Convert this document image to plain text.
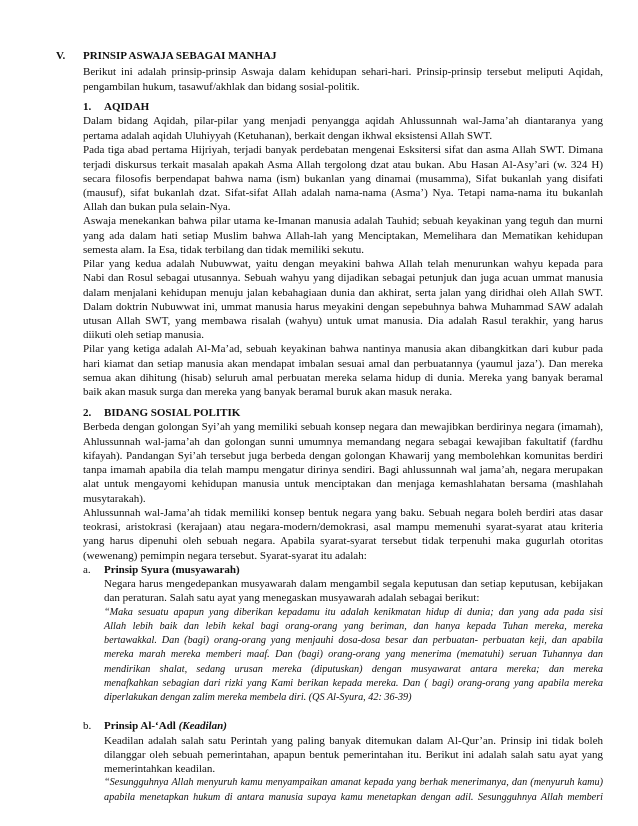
V. PRINSIP ASWAJA SEBAGAI MANHAJ
Berikut ini adalah prinsip-prinsip Aswaja dalam kehidupan sehari-hari. Prinsip-prinsip tersebut meliputi Aqidah,
pengambilan hukum, tasawuf/akhlak dan bidang sosial-politik.
1. AQIDAH
Dalam bidang Aqidah, pilar-pilar yang menjadi penyangga aqidah Ahlussunnah wal-Jama’ah diantaranya yang
pertama adalah aqidah Uluhiyyah (Ketuhanan), berkait dengan ikhwal eksistensi Allah SWT.
Pada tiga abad pertama Hijriyah, terjadi banyak perdebatan mengenai Esksitersi sifat dan asma Allah SWT. Dimana
terjadi diskursus terkait masalah apakah Asma Allah tergolong dzat atau bukan. Abu Hasan Al-Asy’ari (w. 324 H)
secara filosofis berpendapat bahwa nama (ism) bukanlan yang dinamai (musamma), Sifat bukanlah yang disifati
(mausuf), sifat bukanlah dzat. Sifat-sifat Allah adalah nama-nama (Asma’) Nya. Tetapi nama-nama itu bukanlah
Allah dan bukan pula selain-Nya.
Aswaja menekankan bahwa pilar utama ke-Imanan manusia adalah Tauhid; sebuah keyakinan yang teguh dan murni
yang ada dalam hati setiap Muslim bahwa Allah-lah yang Menciptakan, Memelihara dan Mematikan kehidupan
semesta alam. Ia Esa, tidak terbilang dan tidak memiliki sekutu.
Pilar yang kedua adalah Nubuwwat, yaitu dengan meyakini bahwa Allah telah menurunkan wahyu kepada para
Nabi dan Rosul sebagai utusannya. Sebuah wahyu yang dijadikan sebagai petunjuk dan juga acuan ummat manusia
dalam menjalani kehidupan menuju jalan kebahagiaan dunia dan akhirat, serta jalan yang diridhai oleh Allah SWT.
Dalam doktrin Nubuwwat ini, ummat manusia harus meyakini dengan sepebuhnya bahwa Muhammad SAW adalah
utusan Allah SWT, yang membawa risalah (wahyu) untuk umat manusia. Dia adalah Rasul terakhir, yang harus
diikuti oleh setiap manusia.
Pilar yang ketiga adalah Al-Ma’ad, sebuah keyakinan bahwa nantinya manusia akan dibangkitkan dari kubur pada
hari kiamat dan setiap manusia akan mendapat imbalan sesuai amal dan perbuatannya (yaumul jaza’). Dan mereka
semua akan dihitung (hisab) seluruh amal perbuatan mereka selama hidup di dunia. Mereka yang banyak beramal
baik akan masuk surga dan mereka yang banyak beramal buruk akan masuk neraka.
2. BIDANG SOSIAL POLITIK
Berbeda dengan golongan Syi’ah yang memiliki sebuah konsep negara dan mewajibkan berdirinya negara (imamah),
Ahlussunnah wal-jama’ah dan golongan sunni umumnya memandang negara sebagai kewajiban fakultatif (fardhu
kifayah). Pandangan Syi’ah tersebut juga berbeda dengan golongan Khawarij yang membolehkan komunitas berdiri
tanpa imamah apabila dia telah mampu mengatur dirinya sendiri. Bagi ahlussunnah wal jama’ah, negara merupakan
alat untuk mengayomi kehidupan manusia untuk menciptakan dan menjaga kemashlahatan bersama (mashlahah
musytarakah).
Ahlussunnah wal-Jama’ah tidak memiliki konsep bentuk negara yang baku. Sebuah negara boleh berdiri atas dasar
teokrasi, aristokrasi (kerajaan) atau negara-modern/demokrasi, asal mampu memenuhi syarat-syarat atau kriteria
yang harus dipenuhi oleh sebuah negara. Apabila syarat-syarat tersebut tidak terpenuhi maka gugurlah otoritas
(wewenang) pemimpin negara tersebut. Syarat-syarat itu adalah:
a. Prinsip Syura (musyawarah)
Negara harus mengedepankan musyawarah dalam mengambil segala keputusan dan setiap keputusan, kebijakan
dan peraturan. Salah satu ayat yang menegaskan musyawarah adalah sebagai berikut:
“Maka sesuatu apapun yang diberikan kepadamu itu adalah kenikmatan hidup di dunia; dan yang ada pada sisi
Allah lebih baik dan lebih kekal bagi orang-orang yang beriman, dan hanya kepada Tuhan mereka, mereka
bertawakkal. Dan (bagi) orang-orang yang menjauhi dosa-dosa besar dan perbuatan- perbuatan keji, dan apabila
mereka marah mereka memberi maaf. Dan (bagi) orang-orang yang menerima (mematuhi) seruan Tuhannya dan
mendirikan shalat, sedang urusan mereka (diputuskan) dengan musyawarat antara mereka; dan mereka
menafkahkan sebagian dari rizki yang Kami berikan kepada mereka. Dan ( bagi) orang-orang yang apabila mereka
diperlakukan dengan zalim mereka membela diri. (QS Al-Syura, 42: 36-39)
b. Prinsip Al-‘Adl (Keadilan)
Keadilan adalah salah satu Perintah yang paling banyak ditemukan dalam Al-Qur’an. Prinsip ini tidak boleh
dilanggar oleh sebuah pemerintahan, apapun bentuk pemerintahan itu. Berikut ini adalah salah satu ayat yang
memerintahkan keadilan.
“Sesungguhnya Allah menyuruh kamu menyampaikan amanat kepada yang berhak menerimanya, dan (menyuruh kamu)
apabila menetapkan hukum di antara manusia supaya kamu menetapkan dengan adil. Sesungguhnya Allah memberi
